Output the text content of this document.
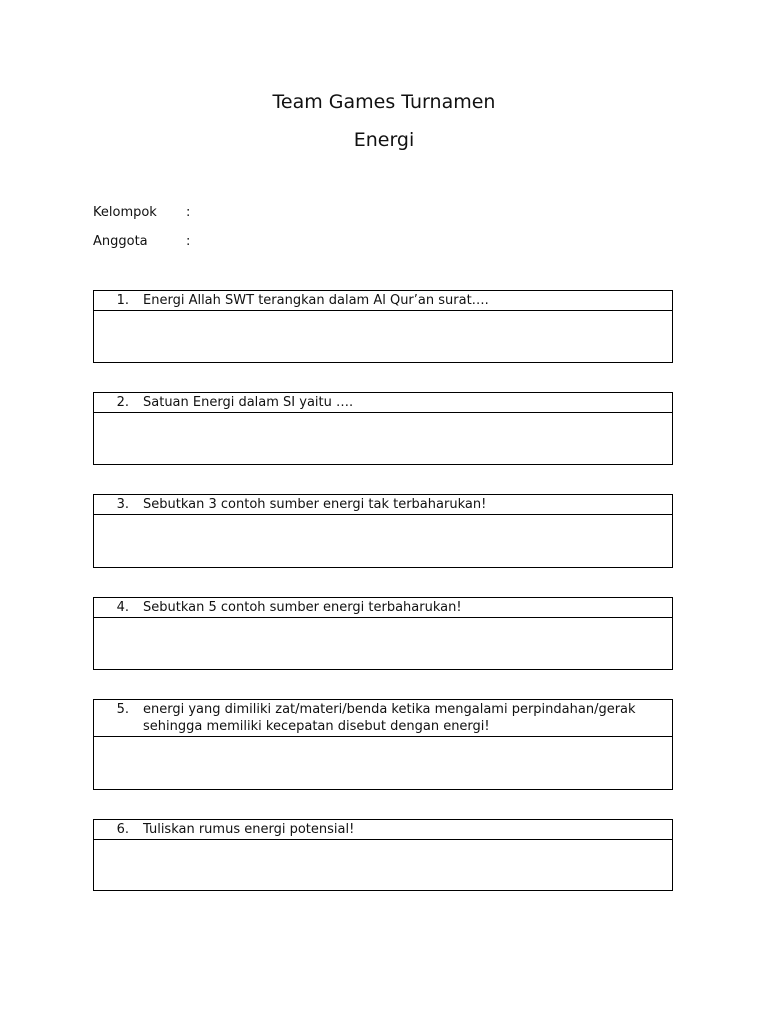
Team Games Turnamen
Energi
Kelompok :
Anggota	:
1. Energi Allah SWT terangkan dalam Al Qur’an surat….
2. Satuan Energi dalam SI yaitu ….
3. Sebutkan 3 contoh sumber energi tak terbaharukan!
4. Sebutkan 5 contoh sumber energi terbaharukan!
5. energi yang dimiliki zat/materi/benda ketika mengalami perpindahan/gerak sehingga memiliki kecepatan disebut dengan energi!
6. Tuliskan rumus energi potensial!
